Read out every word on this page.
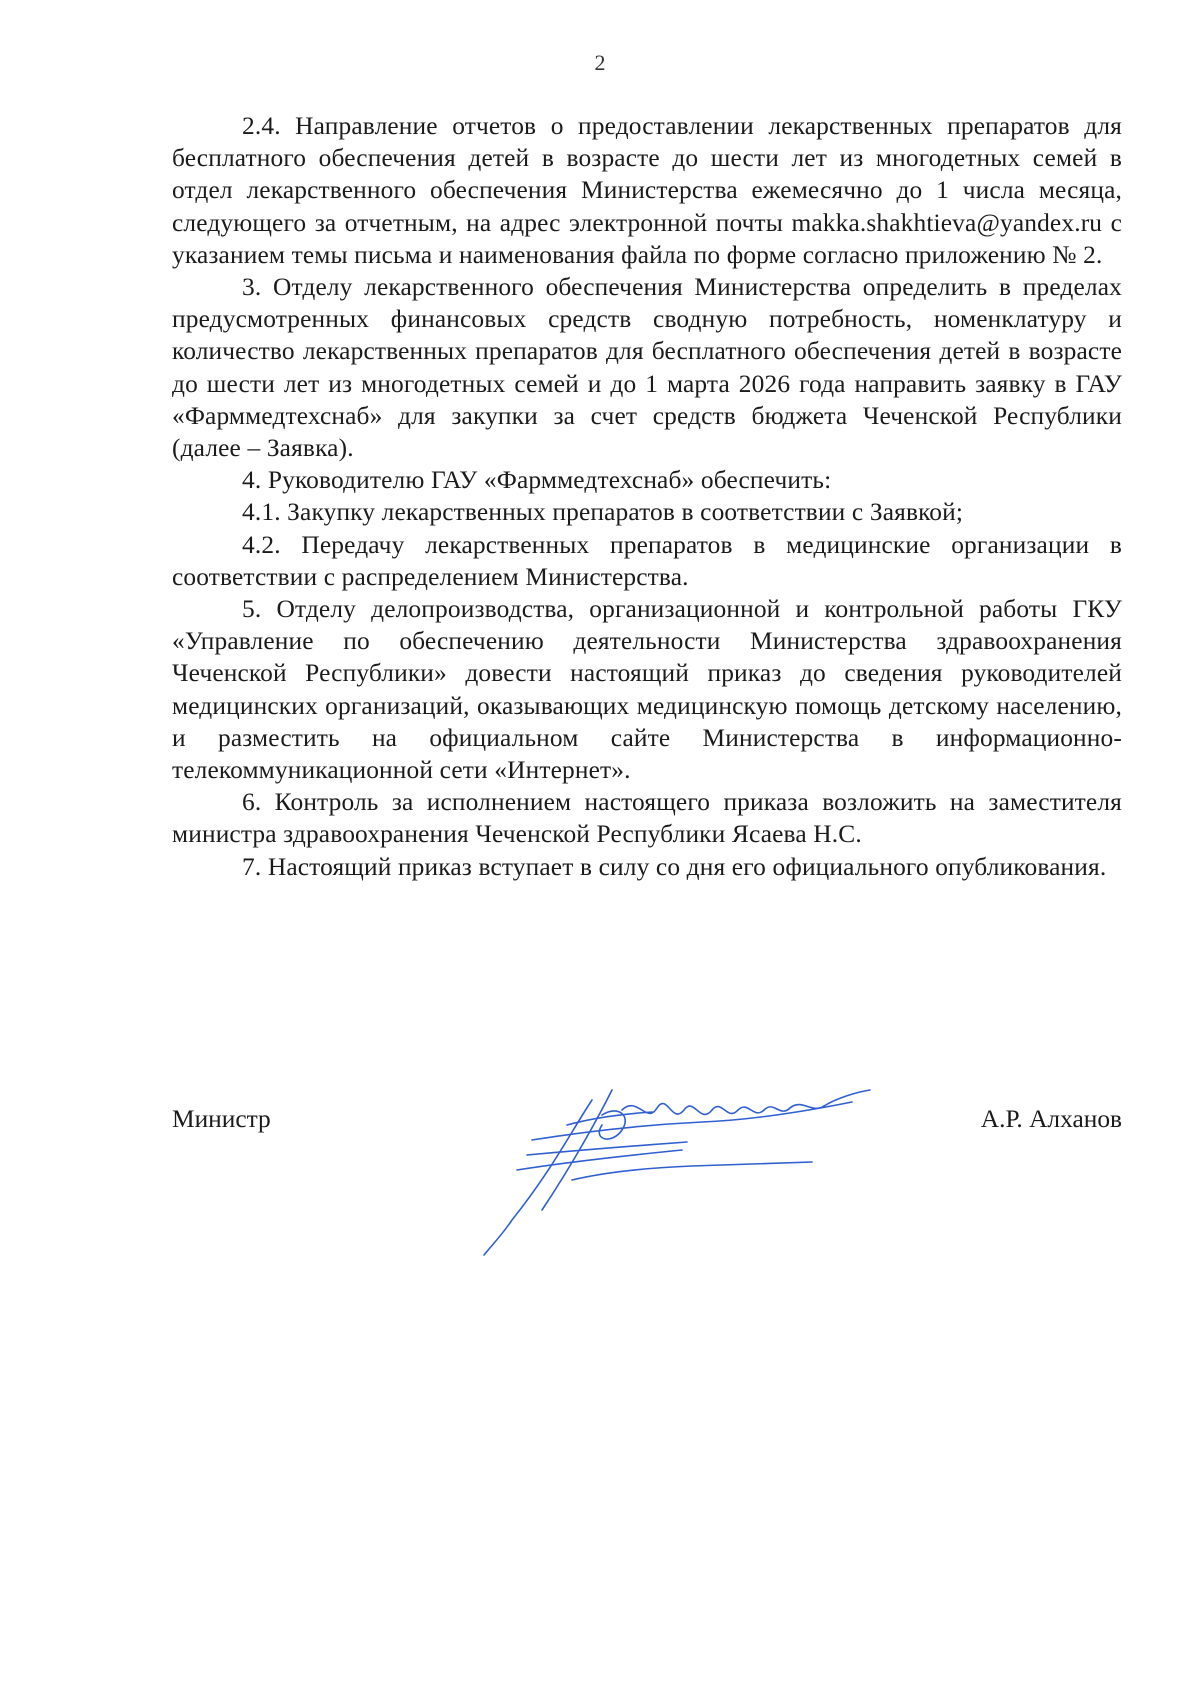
2

2.4. Направление отчетов о предоставлении лекарственных препаратов для бесплатного обеспечения детей в возрасте до шести лет из многодетных семей в отдел лекарственного обеспечения Министерства ежемесячно до 1 числа месяца, следующего за отчетным, на адрес электронной почты makka.shakhtieva@yandex.ru с указанием темы письма и наименования файла по форме согласно приложению № 2.

3. Отделу лекарственного обеспечения Министерства определить в пределах предусмотренных финансовых средств сводную потребность, номенклатуру и количество лекарственных препаратов для бесплатного обеспечения детей в возрасте до шести лет из многодетных семей и до 1 марта 2026 года направить заявку в ГАУ «Фарммедтехснаб» для закупки за счет средств бюджета Чеченской Республики (далее – Заявка).

4. Руководителю ГАУ «Фарммедтехснаб» обеспечить:

4.1. Закупку лекарственных препаратов в соответствии с Заявкой;

4.2. Передачу лекарственных препаратов в медицинские организации в соответствии с распределением Министерства.

5. Отделу делопроизводства, организационной и контрольной работы ГКУ «Управление по обеспечению деятельности Министерства здравоохранения Чеченской Республики» довести настоящий приказ до сведения руководителей медицинских организаций, оказывающих медицинскую помощь детскому населению, и разместить на официальном сайте Министерства в информационно-телекоммуникационной сети «Интернет».

6. Контроль за исполнением настоящего приказа возложить на заместителя министра здравоохранения Чеченской Республики Ясаева Н.С.

7. Настоящий приказ вступает в силу со дня его официального опубликования.

Министр	А.Р. Алханов
